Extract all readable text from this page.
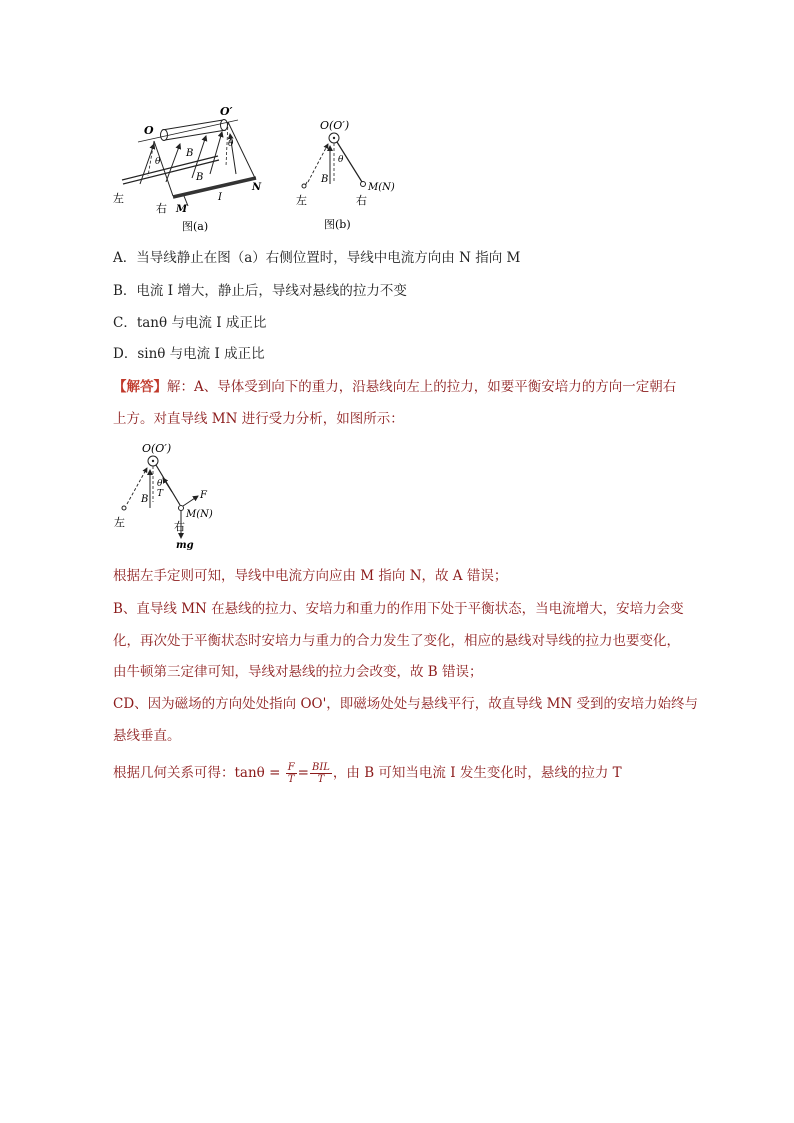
O
O′
B
B
θ
θ
I
M
N
左
右
图(a)
O(O′)
θ
B
M(N)
左	右
图(b)
A．当导线静止在图（a）右侧位置时，导线中电流方向由 N 指向 M
B．电流 I 增大，静止后，导线对悬线的拉力不变
C．tanθ 与电流 I 成正比
D．sinθ 与电流 I 成正比
【解答】解：A、导体受到向下的重力，沿悬线向左上的拉力，如要平衡安培力的方向一定朝右
上方。对直导线 MN 进行受力分析，如图所示：
O(O′)
θ
T
B	F
M(N)
mg
左	右
根据左手定则可知，导线中电流方向应由 M 指向 N，故 A 错误；
B、直导线 MN 在悬线的拉力、安培力和重力的作用下处于平衡状态，当电流增大，安培力会变
化，再次处于平衡状态时安培力与重力的合力发生了变化，相应的悬线对导线的拉力也要变化，
由牛顿第三定律可知，导线对悬线的拉力会改变，故 B 错误；
CD、因为磁场的方向处处指向 OO'，即磁场处处与悬线平行，故直导线 MN 受到的安培力始终与
悬线垂直。
根据几何关系可得：$\tan\theta = \frac{F}{T} = \frac{\text{BIL}}{T}$ ，由 B 可知当电流 I 发生变化时，悬线的拉力 T
